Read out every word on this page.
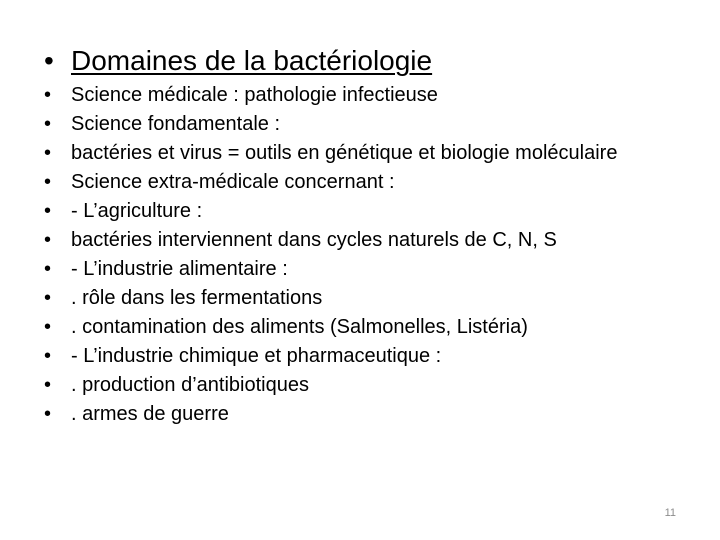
• Domaines de la bactériologie
• Science médicale : pathologie infectieuse
• Science fondamentale :
• bactéries et virus = outils en génétique et biologie moléculaire
• Science extra-médicale concernant :
• - L’agriculture :
• bactéries interviennent dans cycles naturels de C, N, S
• - L’industrie alimentaire :
• . rôle dans les fermentations
• . contamination des aliments (Salmonelles, Listéria)
• - L’industrie chimique et pharmaceutique :
• . production d’antibiotiques
• . armes de guerre
11
